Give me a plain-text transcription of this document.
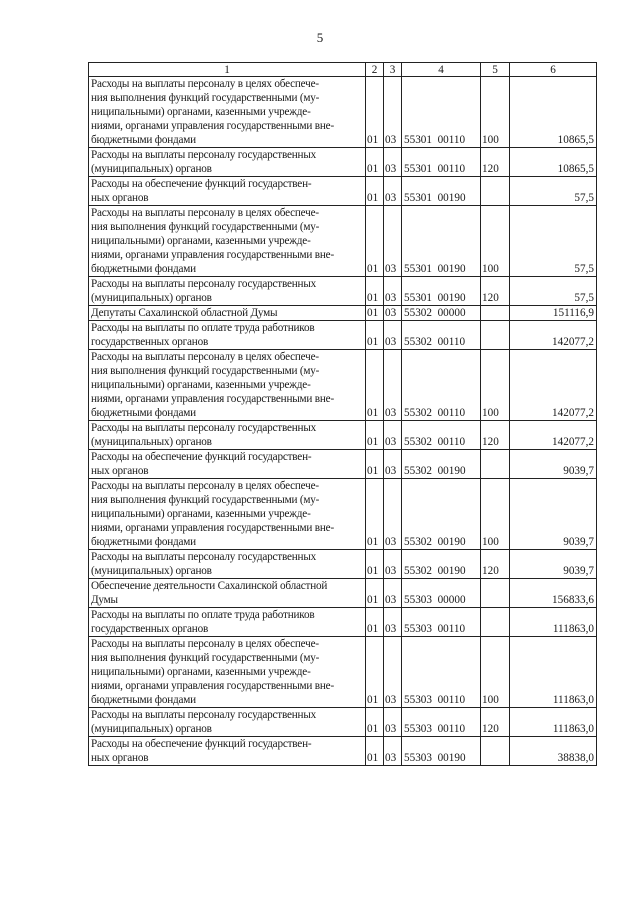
5
1	2	3	4	5	6
Расходы на выплаты персоналу в целях обеспече-
ния выполнения функций государственными (му-
ниципальными) органами, казенными учрежде-
ниями, органами управления государственными вне-
бюджетными фондами	01	03	55301  00110	100	10865,5
Расходы на выплаты персоналу государственных
(муниципальных) органов	01	03	55301  00110	120	10865,5
Расходы на обеспечение функций государствен-
ных органов	01	03	55301  00190		57,5
Расходы на выплаты персоналу в целях обеспече-
ния выполнения функций государственными (му-
ниципальными) органами, казенными учрежде-
ниями, органами управления государственными вне-
бюджетными фондами	01	03	55301  00190	100	57,5
Расходы на выплаты персоналу государственных
(муниципальных) органов	01	03	55301  00190	120	57,5
Депутаты Сахалинской областной Думы	01	03	55302  00000		151116,9
Расходы на выплаты по оплате труда работников
государственных органов	01	03	55302  00110		142077,2
Расходы на выплаты персоналу в целях обеспече-
ния выполнения функций государственными (му-
ниципальными) органами, казенными учрежде-
ниями, органами управления государственными вне-
бюджетными фондами	01	03	55302  00110	100	142077,2
Расходы на выплаты персоналу государственных
(муниципальных) органов	01	03	55302  00110	120	142077,2
Расходы на обеспечение функций государствен-
ных органов	01	03	55302  00190		9039,7
Расходы на выплаты персоналу в целях обеспече-
ния выполнения функций государственными (му-
ниципальными) органами, казенными учрежде-
ниями, органами управления государственными вне-
бюджетными фондами	01	03	55302  00190	100	9039,7
Расходы на выплаты персоналу государственных
(муниципальных) органов	01	03	55302  00190	120	9039,7
Обеспечение деятельности Сахалинской областной
Думы	01	03	55303  00000		156833,6
Расходы на выплаты по оплате труда работников
государственных органов	01	03	55303  00110		111863,0
Расходы на выплаты персоналу в целях обеспече-
ния выполнения функций государственными (му-
ниципальными) органами, казенными учрежде-
ниями, органами управления государственными вне-
бюджетными фондами	01	03	55303  00110	100	111863,0
Расходы на выплаты персоналу государственных
(муниципальных) органов	01	03	55303  00110	120	111863,0
Расходы на обеспечение функций государствен-
ных органов	01	03	55303  00190		38838,0
